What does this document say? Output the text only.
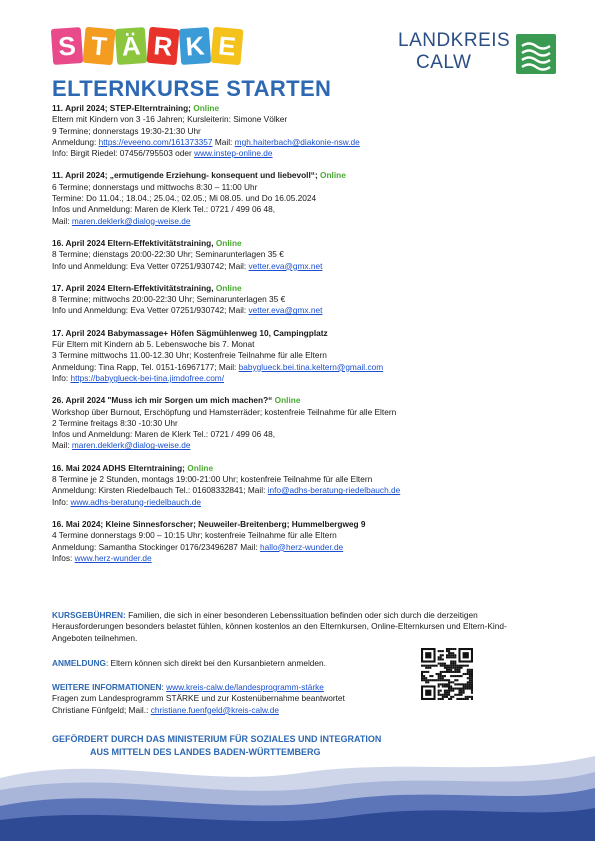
S T Ä R K E	LANDKREIS
CALW
ELTERNKURSE STARTEN
11. April 2024; STEP-Elterntraining; Online
Eltern mit Kindern von 3 -16 Jahren; Kursleiterin: Simone Völker
9 Termine; donnerstags 19:30-21:30 Uhr
Anmeldung: https://eveeno.com/161373357 Mail: mgh.haiterbach@diakonie-nsw.de
Info: Birgit Riedel: 07456/795503 oder www.instep-online.de
11. April 2024; „ermutigende Erziehung- konsequent und liebevoll“; Online
6 Termine; donnerstags und mittwochs 8:30 – 11:00 Uhr
Termine: Do 11.04.; 18.04.; 25.04.; 02.05.; Mi 08.05. und Do 16.05.2024
Infos und Anmeldung: Maren de Klerk Tel.: 0721 / 499 06 48,
Mail: maren.deklerk@dialog-weise.de
16. April 2024 Eltern-Effektivitätstraining, Online
8 Termine; dienstags 20:00-22:30 Uhr; Seminarunterlagen 35 €
Info und Anmeldung: Eva Vetter 07251/930742; Mail: vetter.eva@gmx.net
17. April 2024 Eltern-Effektivitätstraining, Online
8 Termine; mittwochs 20:00-22:30 Uhr; Seminarunterlagen 35 €
Info und Anmeldung: Eva Vetter 07251/930742; Mail: vetter.eva@gmx.net
17. April 2024 Babymassage+ Höfen Sägmühlenweg 10, Campingplatz
Für Eltern mit Kindern ab 5. Lebenswoche bis 7. Monat
3 Termine mittwochs 11.00-12.30 Uhr; Kostenfreie Teilnahme für alle Eltern
Anmeldung: Tina Rapp, Tel. 0151-16967177; Mail: babyglueck.bei.tina.keltern@gmail.com
Info: https://babyglueck-bei-tina.jimdofree.com/
26. April 2024 "Muss ich mir Sorgen um mich machen?“ Online
Workshop über Burnout, Erschöpfung und Hamsterräder; kostenfreie Teilnahme für alle Eltern
2 Termine freitags 8:30 -10:30 Uhr
Infos und Anmeldung: Maren de Klerk Tel.: 0721 / 499 06 48,
Mail: maren.deklerk@dialog-weise.de
16. Mai 2024 ADHS Elterntraining; Online
8 Termine je 2 Stunden, montags 19:00-21:00 Uhr; kostenfreie Teilnahme für alle Eltern
Anmeldung: Kirsten Riedelbauch Tel.: 01608332841; Mail: info@adhs-beratung-riedelbauch.de
Info: www.adhs-beratung-riedelbauch.de
16. Mai 2024; Kleine Sinnesforscher; Neuweiler-Breitenberg; Hummelbergweg 9
4 Termine donnerstags 9:00 – 10:15 Uhr; kostenfreie Teilnahme für alle Eltern
Anmeldung: Samantha Stockinger 0176/23496287 Mail: hallo@herz-wunder.de
Infos: www.herz-wunder.de
KURSGEBÜHREN: Familien, die sich in einer besonderen Lebenssituation befinden oder sich durch die derzeitigen Herausforderungen besonders belastet fühlen, können kostenlos an den Elternkursen, Online-Elternkursen und Eltern-Kind-Angeboten teilnehmen.
ANMELDUNG: Eltern können sich direkt bei den Kursanbietern anmelden.
WEITERE INFORMATIONEN: www.kreis-calw.de/landesprogramm-stärke
Fragen zum Landesprogramm STÄRKE und zur Kostenübernahme beantwortet
Christiane Fünfgeld; Mail.: christiane.fuenfgeld@kreis-calw.de
GEFÖRDERT DURCH DAS MINISTERIUM FÜR SOZIALES UND INTEGRATION
AUS MITTELN DES LANDES BADEN-WÜRTTEMBERG
